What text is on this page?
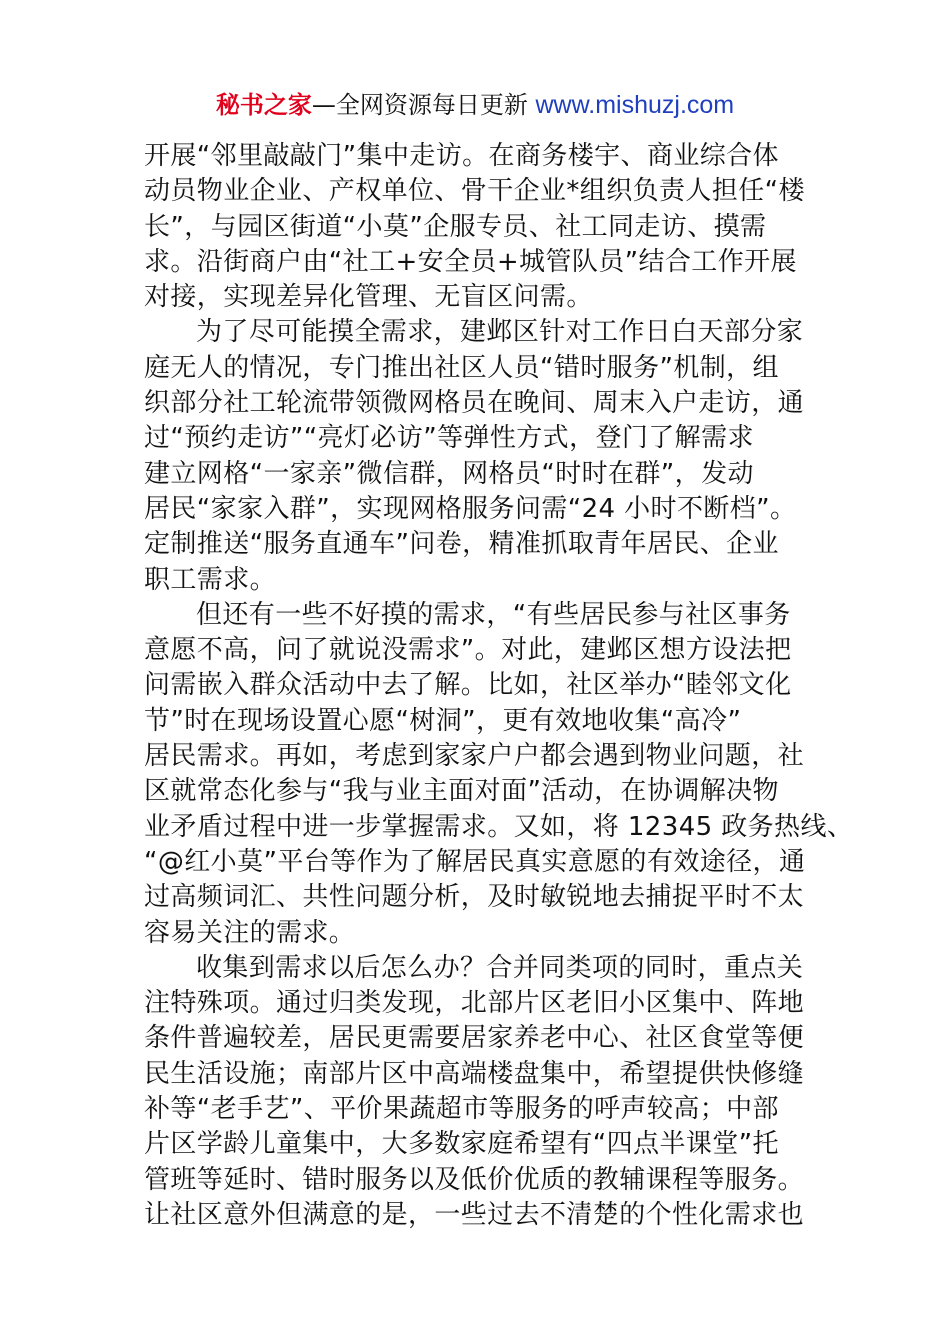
秘书之家—全网资源每日更新 www.mishuzj.com
开展“邻里敲敲门”集中走访。在商务楼宇、商业综合体
动员物业企业、产权单位、骨干企业*组织负责人担任“楼
长”，与园区街道“小莫”企服专员、社工同走访、摸需
求。沿街商户由“社工+安全员+城管队员”结合工作开展
对接，实现差异化管理、无盲区问需。
为了尽可能摸全需求，建邺区针对工作日白天部分家
庭无人的情况，专门推出社区人员“错时服务”机制，组
织部分社工轮流带领微网格员在晚间、周末入户走访，通
过“预约走访”“亮灯必访”等弹性方式，登门了解需求
建立网格“一家亲”微信群，网格员“时时在群”，发动
居民“家家入群”，实现网格服务问需“24 小时不断档”。
定制推送“服务直通车”问卷，精准抓取青年居民、企业
职工需求。
但还有一些不好摸的需求，“有些居民参与社区事务
意愿不高，问了就说没需求”。对此，建邺区想方设法把
问需嵌入群众活动中去了解。比如，社区举办“睦邻文化
节”时在现场设置心愿“树洞”，更有效地收集“高冷”
居民需求。再如，考虑到家家户户都会遇到物业问题，社
区就常态化参与“我与业主面对面”活动，在协调解决物
业矛盾过程中进一步掌握需求。又如，将 12345 政务热线、
“@红小莫”平台等作为了解居民真实意愿的有效途径，通
过高频词汇、共性问题分析，及时敏锐地去捕捉平时不太
容易关注的需求。
收集到需求以后怎么办？合并同类项的同时，重点关
注特殊项。通过归类发现，北部片区老旧小区集中、阵地
条件普遍较差，居民更需要居家养老中心、社区食堂等便
民生活设施；南部片区中高端楼盘集中，希望提供快修缝
补等“老手艺”、平价果蔬超市等服务的呼声较高；中部
片区学龄儿童集中，大多数家庭希望有“四点半课堂”托
管班等延时、错时服务以及低价优质的教辅课程等服务。
让社区意外但满意的是，一些过去不清楚的个性化需求也
